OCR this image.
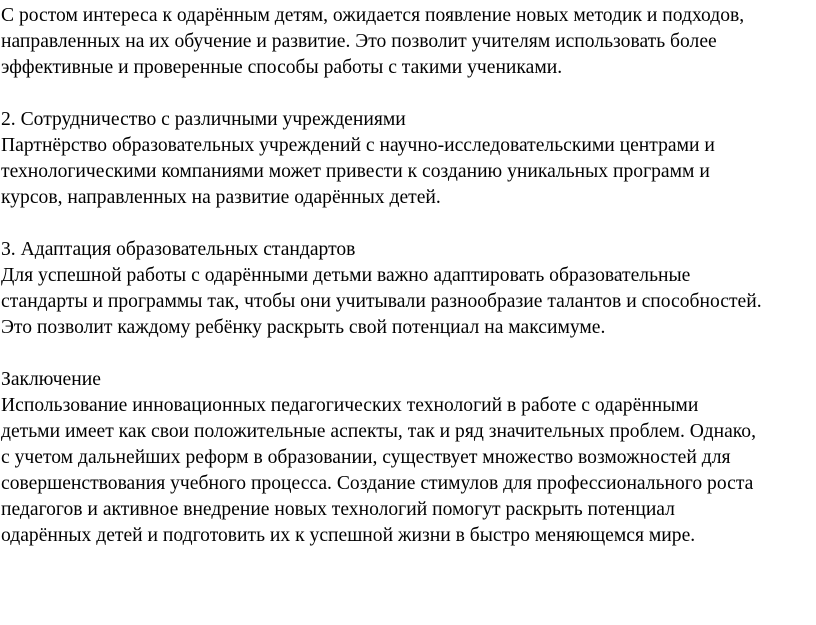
С ростом интереса к одарённым детям, ожидается появление новых методик и подходов,
направленных на их обучение и развитие. Это позволит учителям использовать более
эффективные и проверенные способы работы с такими учениками.
2. Сотрудничество с различными учреждениями
Партнёрство образовательных учреждений с научно-исследовательскими центрами и
технологическими компаниями может привести к созданию уникальных программ и
курсов, направленных на развитие одарённых детей.
3. Адаптация образовательных стандартов
Для успешной работы с одарёнными детьми важно адаптировать образовательные
стандарты и программы так, чтобы они учитывали разнообразие талантов и способностей.
Это позволит каждому ребёнку раскрыть свой потенциал на максимуме.
Заключение
Использование инновационных педагогических технологий в работе с одарёнными
детьми имеет как свои положительные аспекты, так и ряд значительных проблем. Однако,
с учетом дальнейших реформ в образовании, существует множество возможностей для
совершенствования учебного процесса. Создание стимулов для профессионального роста
педагогов и активное внедрение новых технологий помогут раскрыть потенциал
одарённых детей и подготовить их к успешной жизни в быстро меняющемся мире.
